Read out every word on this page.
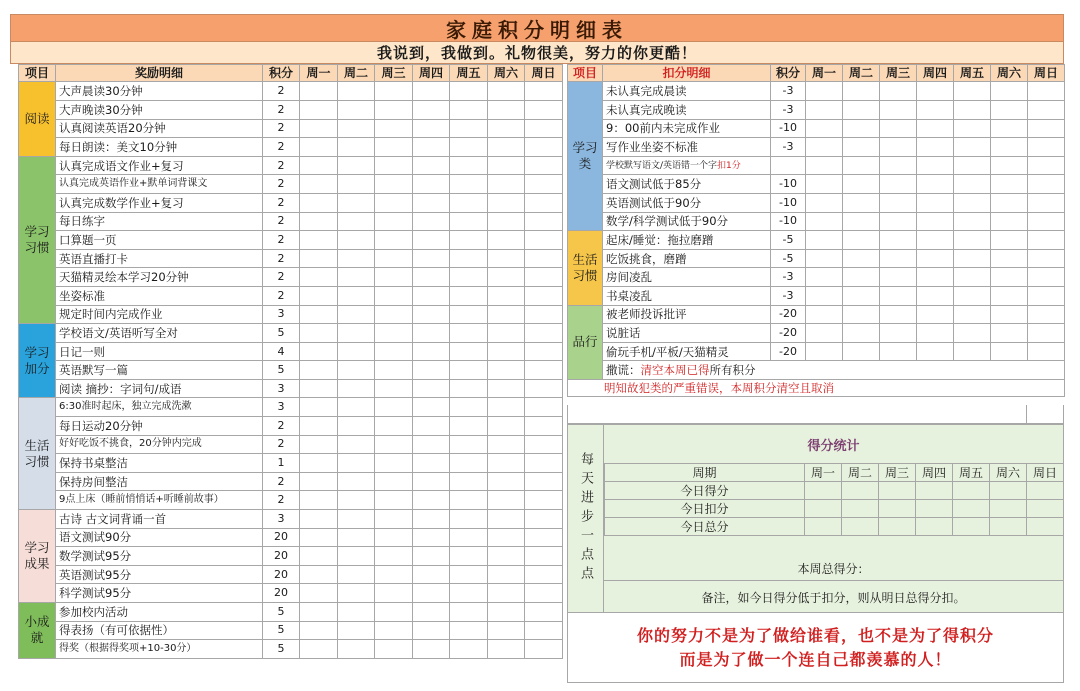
家庭积分明细表
我说到，我做到。礼物很美，努力的你更酷！
项目	奖励明细	积分	周一	周二	周三	周四	周五	周六	周日
阅读	大声晨读30分钟	2							
	大声晚读30分钟	2							
	认真阅读英语20分钟	2							
	每日朗读：美文10分钟	2							
学习习惯	认真完成语文作业+复习	2							
	认真完成英语作业+默单词背课文	2							
	认真完成数学作业+复习	2							
	每日练字	2							
	口算题一页	2							
	英语直播打卡	2							
	天猫精灵绘本学习20分钟	2							
	坐姿标准	2							
	规定时间内完成作业	3							
学习加分	学校语文/英语听写全对	5							
	日记一则	4							
	英语默写一篇	5							
	阅读 摘抄：字词句/成语	3							
生活习惯	6:30准时起床，独立完成洗漱	3							
	每日运动20分钟	2							
	好好吃饭不挑食，20分钟内完成	2							
	保持书桌整洁	1							
	保持房间整洁	2							
	9点上床（睡前悄悄话+听睡前故事）	2							
学习成果	古诗 古文词背诵一首	3							
	语文测试90分	20							
	数学测试95分	20							
	英语测试95分	20							
	科学测试95分	20							
小成就	参加校内活动	5							
	得表扬（有可依据性）	5							
	得奖（根据得奖项+10-30分）	5							
项目	扣分明细	积分	周一	周二	周三	周四	周五	周六	周日
学习类	未认真完成晨读	-3							
	未认真完成晚读	-3							
	9：00前内未完成作业	-10							
	写作业坐姿不标准	-3							
	学校默写语文/英语错一个字扣1分								
	语文测试低于85分	-10							
	英语测试低于90分	-10							
	数学/科学测试低于90分	-10							
生活习惯	起床/睡觉：拖拉磨蹭	-5							
	吃饭挑食，磨蹭	-5							
	房间凌乱	-3							
	书桌凌乱	-3							
品行	被老师投诉批评	-20							
	说脏话	-20							
	偷玩手机/平板/天猫精灵	-20							
	撒谎：清空本周已得所有积分								
明知故犯类的严重错误，本周积分清空且取消									
每天进步一点点
得分统计
周期	周一	周二	周三	周四	周五	周六	周日
今日得分							
今日扣分							
今日总分							
本周总得分：
备注，如今日得分低于扣分，则从明日总得分扣。
你的努力不是为了做给谁看，也不是为了得积分
而是为了做一个连自己都羡慕的人！
